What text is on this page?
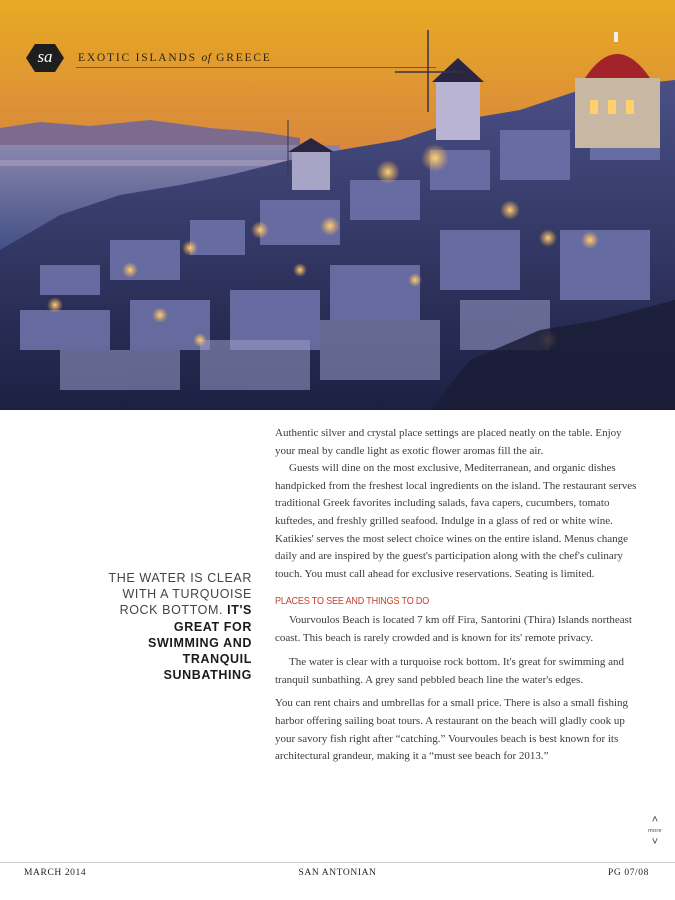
sa	EXOTIC ISLANDS of GREECE
THE WATER IS CLEAR WITH A TURQUOISE ROCK BOTTOM. IT'S GREAT FOR SWIMMING AND TRANQUIL SUNBATHING

Authentic silver and crystal place settings are placed neatly on the table. Enjoy your meal by candle light as exotic flower aromas fill the air.

Guests will dine on the most exclusive, Mediterranean, and organic dishes handpicked from the freshest local ingredients on the island. The restaurant serves traditional Greek favorites including salads, fava capers, cucumbers, tomato kuftedes, and freshly grilled seafood. Indulge in a glass of red or white wine. Katikies' serves the most select choice wines on the entire island. Menus change daily and are inspired by the guest's participation along with the chef's culinary touch. You must call ahead for exclusive reservations. Seating is limited.

PLACES TO SEE AND THINGS TO DO

Vourvoulos Beach is located 7 km off Fira, Santorini (Thira) Islands northeast coast. This beach is rarely crowded and is known for its' remote privacy.

The water is clear with a turquoise rock bottom. It's great for swimming and tranquil sunbathing. A grey sand pebbled beach line the water's edges.

You can rent chairs and umbrellas for a small price. There is also a small fishing harbor offering sailing boat tours. A restaurant on the beach will gladly cook up your savory fish right after “catching.” Vourvoules beach is best known for its architectural grandeur, making it a “must see beach for 2013.”

˄
more
˅
MARCH 2014	SAN ANTONIAN	PG 07/08
